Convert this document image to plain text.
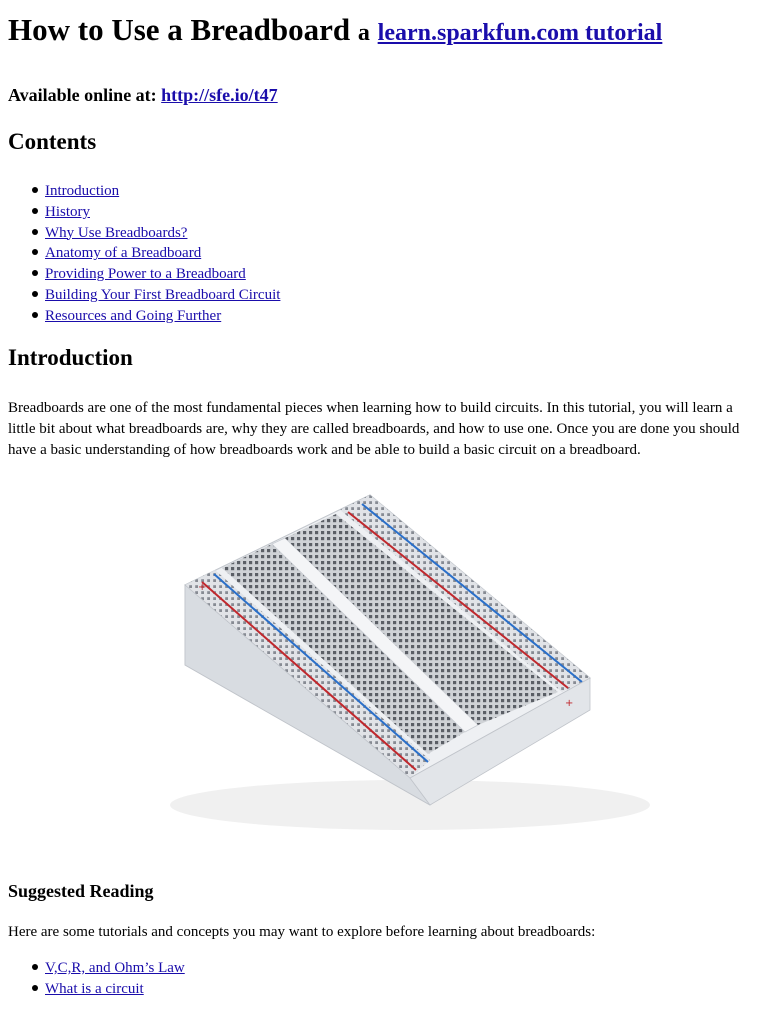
How to Use a Breadboard a learn.sparkfun.com tutorial
Available online at: http://sfe.io/t47
Contents
Introduction
History
Why Use Breadboards?
Anatomy of a Breadboard
Providing Power to a Breadboard
Building Your First Breadboard Circuit
Resources and Going Further
Introduction

Breadboards are one of the most fundamental pieces when learning how to build circuits. In this tutorial, you will learn a little bit about what breadboards are, why they are called breadboards, and how to use one. Once you are done you should have a basic understanding of how breadboards work and be able to build a basic circuit on a breadboard.

+
+
Suggested Reading

Here are some tutorials and concepts you may want to explore before learning about breadboards:

V,C,R, and Ohm’s Law
What is a circuit
